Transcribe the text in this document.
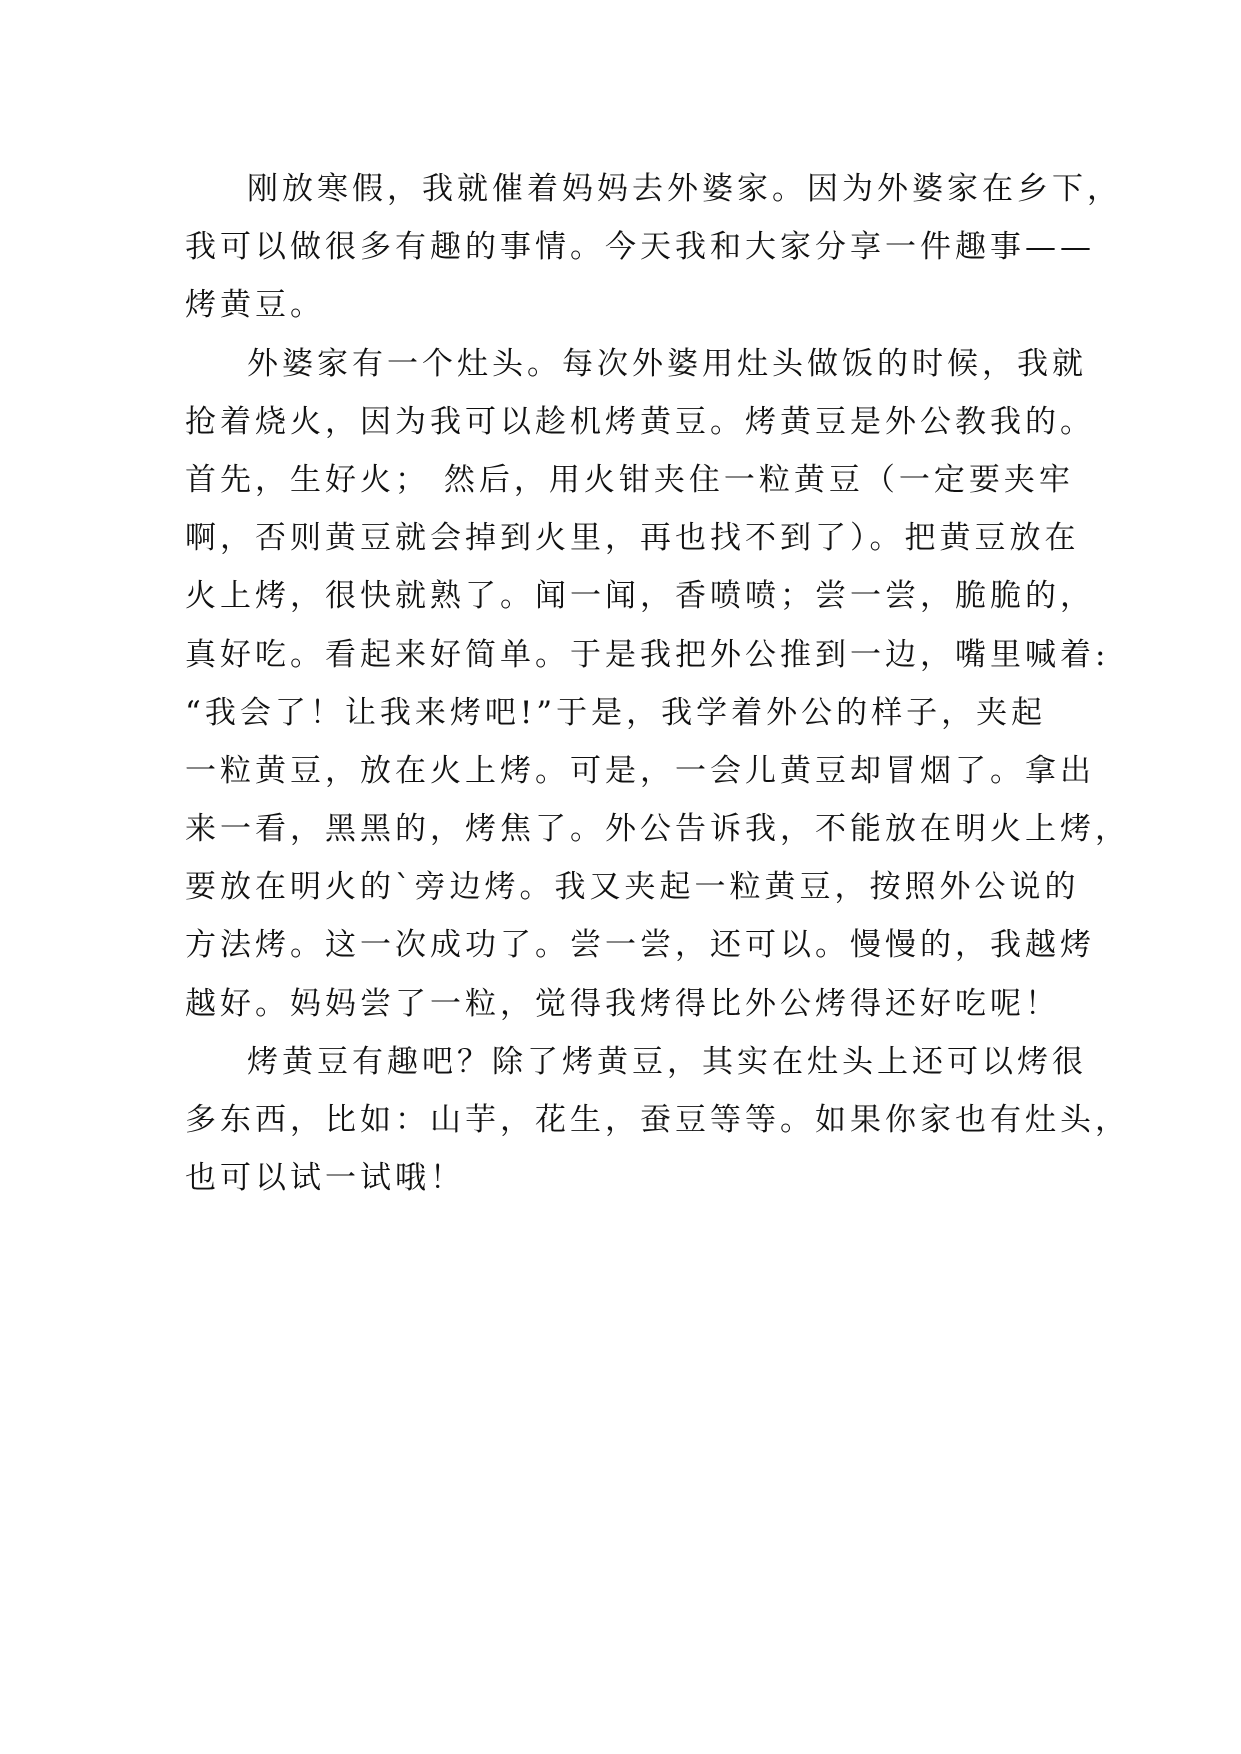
刚放寒假，我就催着妈妈去外婆家。因为外婆家在乡下，
我可以做很多有趣的事情。今天我和大家分享一件趣事——
烤黄豆。
外婆家有一个灶头。每次外婆用灶头做饭的时候，我就
抢着烧火，因为我可以趁机烤黄豆。烤黄豆是外公教我的。
首先，生好火； 然后，用火钳夹住一粒黄豆（一定要夹牢
啊，否则黄豆就会掉到火里，再也找不到了）。把黄豆放在
火上烤，很快就熟了。闻一闻，香喷喷；尝一尝，脆脆的，
真好吃。看起来好简单。于是我把外公推到一边，嘴里喊着:
“我会了！让我来烤吧!”于是，我学着外公的样子，夹起
一粒黄豆，放在火上烤。可是，一会儿黄豆却冒烟了。拿出
来一看，黑黑的，烤焦了。外公告诉我，不能放在明火上烤，
要放在明火的`旁边烤。我又夹起一粒黄豆，按照外公说的
方法烤。这一次成功了。尝一尝，还可以。慢慢的，我越烤
越好。妈妈尝了一粒，觉得我烤得比外公烤得还好吃呢！
烤黄豆有趣吧？除了烤黄豆，其实在灶头上还可以烤很
多东西，比如：山芋，花生，蚕豆等等。如果你家也有灶头，
也可以试一试哦！
